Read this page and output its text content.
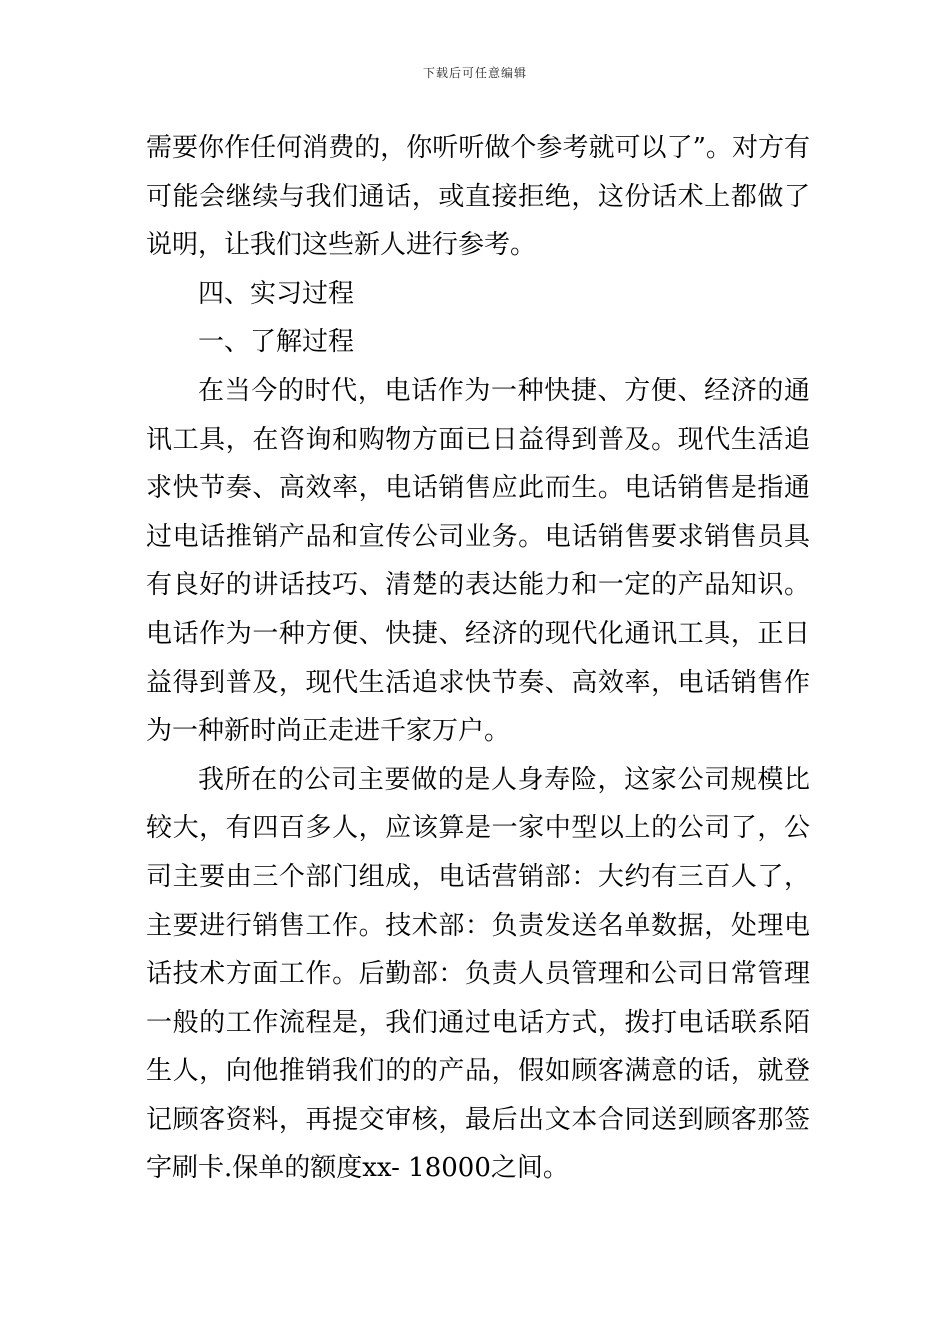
下载后可任意编辑

需要你作任何消费的，你听听做个参考就可以了”。对方有可能会继续与我们通话，或直接拒绝，这份话术上都做了说明，让我们这些新人进行参考。

四、实习过程

一、了解过程

在当今的时代，电话作为一种快捷、方便、经济的通讯工具，在咨询和购物方面已日益得到普及。现代生活追求快节奏、高效率，电话销售应此而生。电话销售是指通过电话推销产品和宣传公司业务。电话销售要求销售员具有良好的讲话技巧、清楚的表达能力和一定的产品知识。电话作为一种方便、快捷、经济的现代化通讯工具，正日益得到普及，现代生活追求快节奏、高效率，电话销售作为一种新时尚正走进千家万户。

我所在的公司主要做的是人身寿险，这家公司规模比较大，有四百多人，应该算是一家中型以上的公司了，公司主要由三个部门组成，电话营销部：大约有三百人了，主要进行销售工作。技术部：负责发送名单数据，处理电话技术方面工作。后勤部：负责人员管理和公司日常管理一般的工作流程是，我们通过电话方式，拨打电话联系陌生人，向他推销我们的的产品，假如顾客满意的话，就登记顾客资料，再提交审核，最后出文本合同送到顾客那签字刷卡.保单的额度xx- 18000之间。
